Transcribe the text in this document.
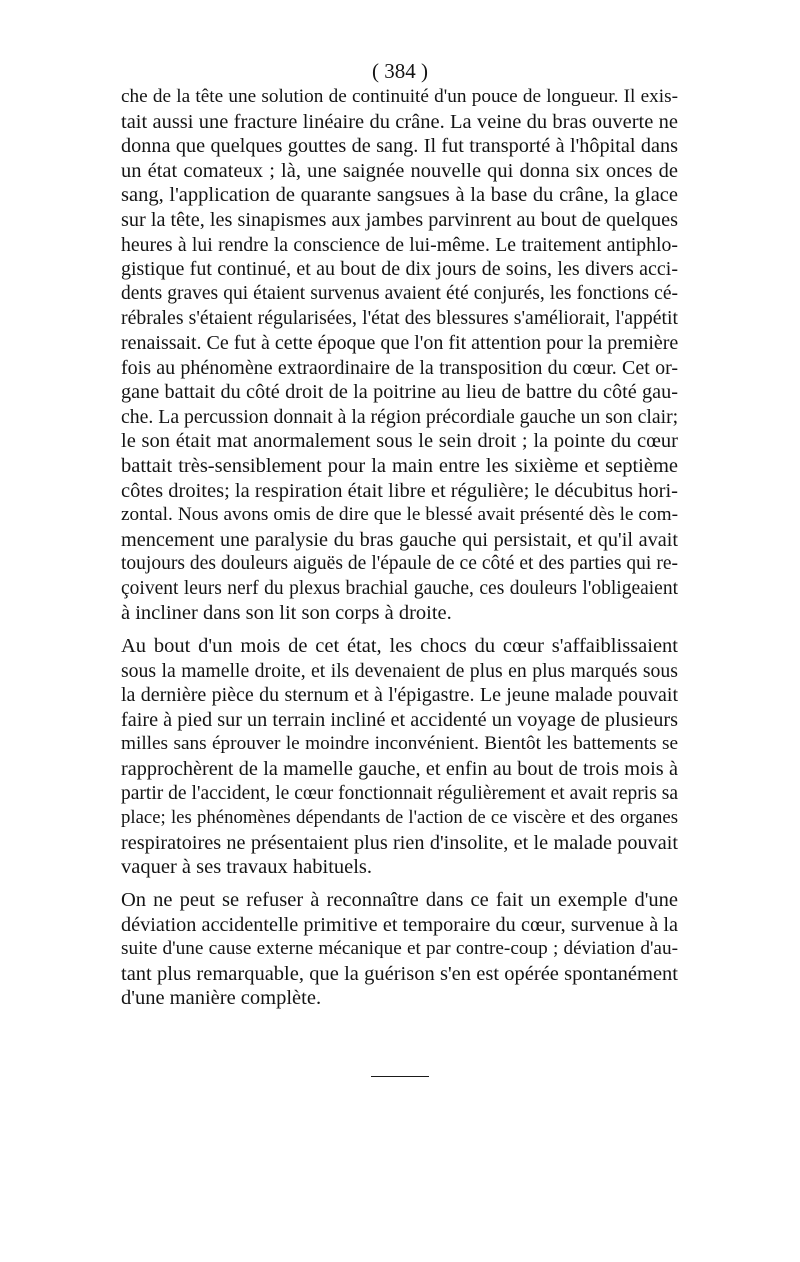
( 384 )
che de la tête une solution de continuité d'un pouce de longueur. Il exis-
tait aussi une fracture linéaire du crâne. La veine du bras ouverte ne
donna que quelques gouttes de sang. Il fut transporté à l'hôpital dans
un état comateux ; là, une saignée nouvelle qui donna six onces de
sang, l'application de quarante sangsues à la base du crâne, la glace
sur la tête, les sinapismes aux jambes parvinrent au bout de quelques
heures à lui rendre la conscience de lui-même. Le traitement antiphlo-
gistique fut continué, et au bout de dix jours de soins, les divers acci-
dents graves qui étaient survenus avaient été conjurés, les fonctions cé-
rébrales s'étaient régularisées, l'état des blessures s'améliorait, l'appétit
renaissait. Ce fut à cette époque que l'on fit attention pour la première
fois au phénomène extraordinaire de la transposition du cœur. Cet or-
gane battait du côté droit de la poitrine au lieu de battre du côté gau-
che. La percussion donnait à la région précordiale gauche un son clair;
le son était mat anormalement sous le sein droit ; la pointe du cœur
battait très-sensiblement pour la main entre les sixième et septième
côtes droites; la respiration était libre et régulière; le décubitus hori-
zontal. Nous avons omis de dire que le blessé avait présenté dès le com-
mencement une paralysie du bras gauche qui persistait, et qu'il avait
toujours des douleurs aiguës de l'épaule de ce côté et des parties qui re-
çoivent leurs nerf du plexus brachial gauche, ces douleurs l'obligeaient
à incliner dans son lit son corps à droite.
Au bout d'un mois de cet état, les chocs du cœur s'affaiblissaient
sous la mamelle droite, et ils devenaient de plus en plus marqués sous
la dernière pièce du sternum et à l'épigastre. Le jeune malade pouvait
faire à pied sur un terrain incliné et accidenté un voyage de plusieurs
milles sans éprouver le moindre inconvénient. Bientôt les battements se
rapprochèrent de la mamelle gauche, et enfin au bout de trois mois à
partir de l'accident, le cœur fonctionnait régulièrement et avait repris sa
place; les phénomènes dépendants de l'action de ce viscère et des organes
respiratoires ne présentaient plus rien d'insolite, et le malade pouvait
vaquer à ses travaux habituels.
On ne peut se refuser à reconnaître dans ce fait un exemple d'une
déviation accidentelle primitive et temporaire du cœur, survenue à la
suite d'une cause externe mécanique et par contre-coup ; déviation d'au-
tant plus remarquable, que la guérison s'en est opérée spontanément
d'une manière complète.
